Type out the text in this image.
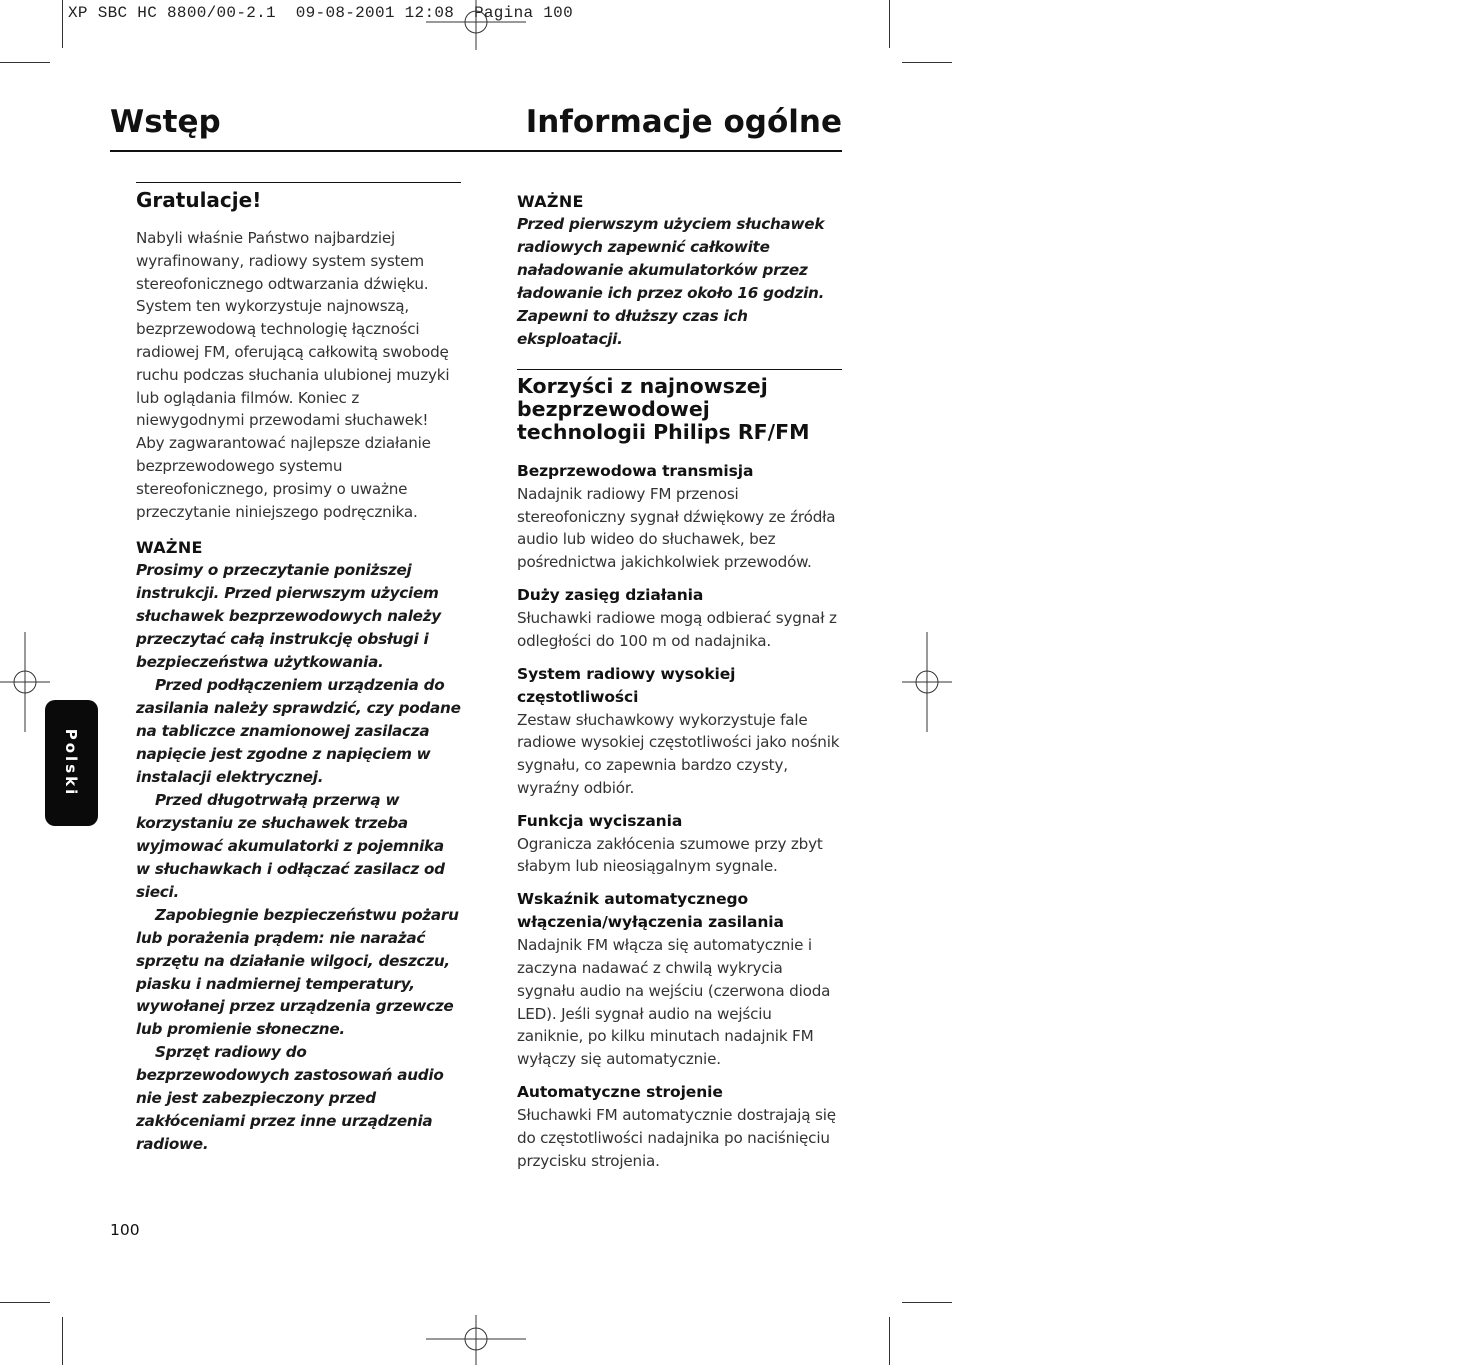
XP SBC HC 8800/00-2.1  09-08-2001 12:08  Pagina 100
Wstęp	Informacje ogólne
Polski
Gratulacje!

Nabyli właśnie Państwo najbardziej wyrafinowany, radiowy system system stereofonicznego odtwarzania dźwięku. System ten wykorzystuje najnowszą, bezprzewodową technologię łączności radiowej FM, oferującą całkowitą swobodę ruchu podczas słuchania ulubionej muzyki lub oglądania filmów. Koniec z niewygodnymi przewodami słuchawek! Aby zagwarantować najlepsze działanie bezprzewodowego systemu stereofonicznego, prosimy o uważne przeczytanie niniejszego podręcznika.

WAŻNE

Prosimy o przeczytanie poniższej instrukcji. Przed pierwszym użyciem słuchawek bezprzewodowych należy przeczytać całą instrukcję obsługi i bezpieczeństwa użytkowania.

Przed podłączeniem urządzenia do zasilania należy sprawdzić, czy podane na tabliczce znamionowej zasilacza napięcie jest zgodne z napięciem w instalacji elektrycznej.

Przed długotrwałą przerwą w korzystaniu ze słuchawek trzeba wyjmować akumulatorki z pojemnika w słuchawkach i odłączać zasilacz od sieci.

Zapobiegnie bezpieczeństwu pożaru lub porażenia prądem: nie narażać sprzętu na działanie wilgoci, deszczu, piasku i nadmiernej temperatury, wywołanej przez urządzenia grzewcze lub promienie słoneczne.

Sprzęt radiowy do bezprzewodowych zastosowań audio nie jest zabezpieczony przed zakłóceniami przez inne urządzenia radiowe.

WAŻNE

Przed pierwszym użyciem słuchawek radiowych zapewnić całkowite naładowanie akumulatorków przez ładowanie ich przez około 16 godzin. Zapewni to dłuższy czas ich eksploatacji.

Korzyści z najnowszej bezprzewodowej technologii Philips RF/FM

Bezprzewodowa transmisja

Nadajnik radiowy FM przenosi stereofoniczny sygnał dźwiękowy ze źródła audio lub wideo do słuchawek, bez pośrednictwa jakichkolwiek przewodów.

Duży zasięg działania

Słuchawki radiowe mogą odbierać sygnał z odległości do 100 m od nadajnika.

System radiowy wysokiej częstotliwości

Zestaw słuchawkowy wykorzystuje fale radiowe wysokiej częstotliwości jako nośnik sygnału, co zapewnia bardzo czysty, wyraźny odbiór.

Funkcja wyciszania

Ogranicza zakłócenia szumowe przy zbyt słabym lub nieosiągalnym sygnale.

Wskaźnik automatycznego włączenia/wyłączenia zasilania

Nadajnik FM włącza się automatycznie i zaczyna nadawać z chwilą wykrycia sygnału audio na wejściu (czerwona dioda LED). Jeśli sygnał audio na wejściu zaniknie, po kilku minutach nadajnik FM wyłączy się automatycznie.

Automatyczne strojenie

Słuchawki FM automatycznie dostrajają się do częstotliwości nadajnika po naciśnięciu przycisku strojenia.

100
